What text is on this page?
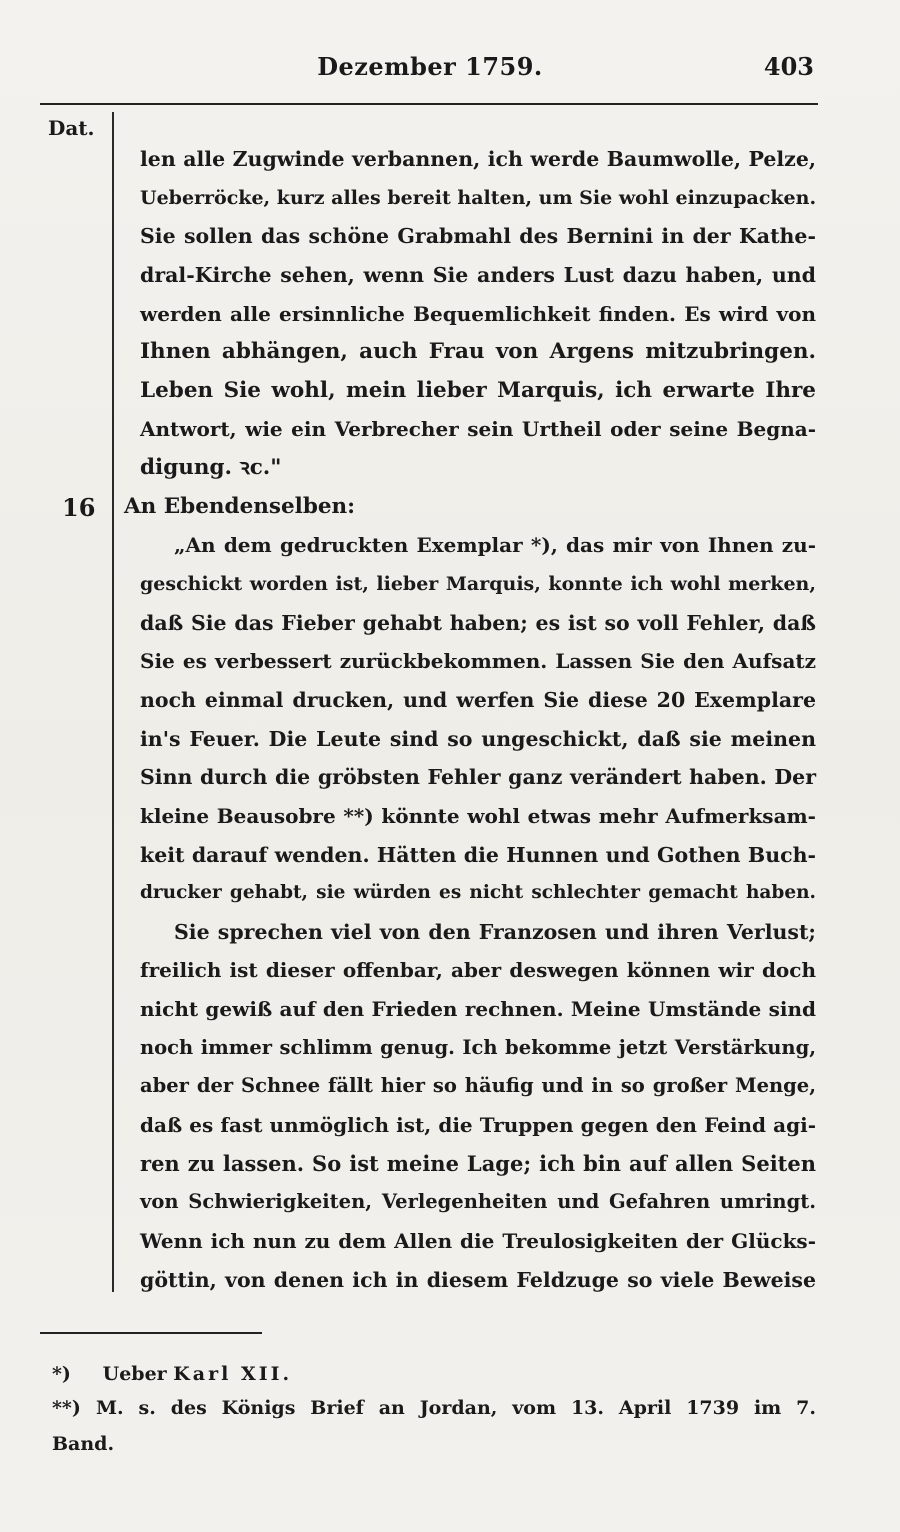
Dezember 1759.	403
Dat.
16
len alle Zugwinde verbannen, ich werde Baumwolle, Pelze,
Ueberröcke, kurz alles bereit halten, um Sie wohl einzupacken.
Sie sollen das schöne Grabmahl des Bernini in der Kathe-
dral-Kirche sehen, wenn Sie anders Lust dazu haben, und
werden alle ersinnliche Bequemlichkeit finden. Es wird von
Ihnen abhängen, auch Frau von Argens mitzubringen.
Leben Sie wohl, mein lieber Marquis, ich erwarte Ihre
Antwort, wie ein Verbrecher sein Urtheil oder seine Begna-
digung. ꝛc."
An Ebendenselben:
„An dem gedruckten Exemplar *), das mir von Ihnen zu-
geschickt worden ist, lieber Marquis, konnte ich wohl merken,
daß Sie das Fieber gehabt haben; es ist so voll Fehler, daß
Sie es verbessert zurückbekommen. Lassen Sie den Aufsatz
noch einmal drucken, und werfen Sie diese 20 Exemplare
in's Feuer. Die Leute sind so ungeschickt, daß sie meinen
Sinn durch die gröbsten Fehler ganz verändert haben. Der
kleine Beausobre **) könnte wohl etwas mehr Aufmerksam-
keit darauf wenden. Hätten die Hunnen und Gothen Buch-
drucker gehabt, sie würden es nicht schlechter gemacht haben.
Sie sprechen viel von den Franzosen und ihren Verlust;
freilich ist dieser offenbar, aber deswegen können wir doch
nicht gewiß auf den Frieden rechnen. Meine Umstände sind
noch immer schlimm genug. Ich bekomme jetzt Verstärkung,
aber der Schnee fällt hier so häufig und in so großer Menge,
daß es fast unmöglich ist, die Truppen gegen den Feind agi-
ren zu lassen. So ist meine Lage; ich bin auf allen Seiten
von Schwierigkeiten, Verlegenheiten und Gefahren umringt.
Wenn ich nun zu dem Allen die Treulosigkeiten der Glücks-
göttin, von denen ich in diesem Feldzuge so viele Beweise
*) Ueber Karl XII.
**) M. s. des Königs Brief an Jordan, vom 13. April 1739 im 7.
Band.
